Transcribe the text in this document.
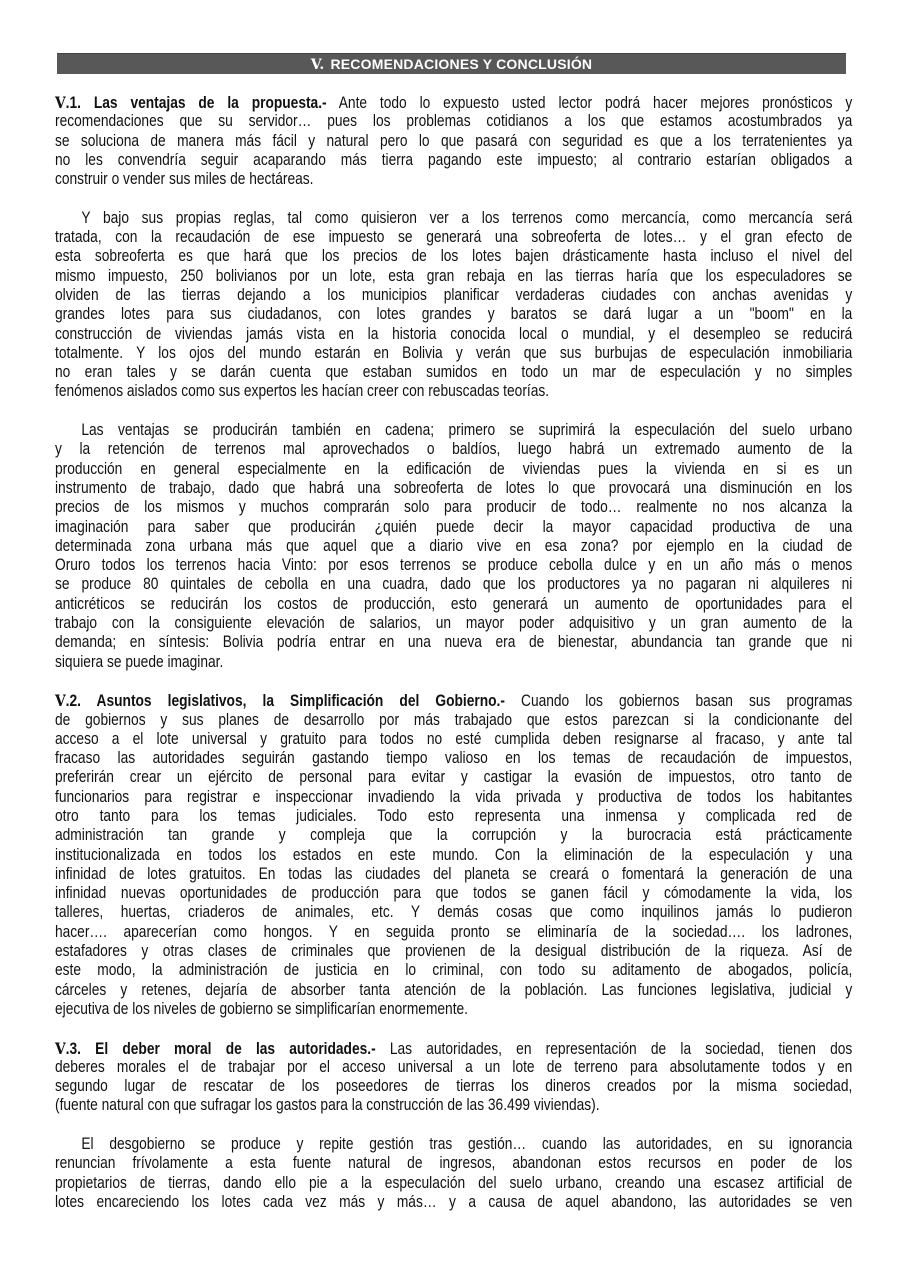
V. RECOMENDACIONES Y CONCLUSIÓN
V.1. Las ventajas de la propuesta.- Ante todo lo expuesto usted lector podrá hacer mejores pronósticos y
recomendaciones que su servidor… pues los problemas cotidianos a los que estamos acostumbrados ya
se soluciona de manera más fácil y natural pero lo que pasará con seguridad es que a los terratenientes ya
no les convendría seguir acaparando más tierra pagando este impuesto; al contrario estarían obligados a
construir o vender sus miles de hectáreas.
Y bajo sus propias reglas, tal como quisieron ver a los terrenos como mercancía, como mercancía será
tratada, con la recaudación de ese impuesto se generará una sobreoferta de lotes… y el gran efecto de
esta sobreoferta es que hará que los precios de los lotes bajen drásticamente hasta incluso el nivel del
mismo impuesto, 250 bolivianos por un lote, esta gran rebaja en las tierras haría que los especuladores se
olviden de las tierras dejando a los municipios planificar verdaderas ciudades con anchas avenidas y
grandes lotes para sus ciudadanos, con lotes grandes y baratos se dará lugar a un "boom" en la
construcción de viviendas jamás vista en la historia conocida local o mundial, y el desempleo se reducirá
totalmente. Y los ojos del mundo estarán en Bolivia y verán que sus burbujas de especulación inmobiliaria
no eran tales y se darán cuenta que estaban sumidos en todo un mar de especulación y no simples
fenómenos aislados como sus expertos les hacían creer con rebuscadas teorías.
Las ventajas se producirán también en cadena; primero se suprimirá la especulación del suelo urbano
y la retención de terrenos mal aprovechados o baldíos, luego habrá un extremado aumento de la
producción en general especialmente en la edificación de viviendas pues la vivienda en si es un
instrumento de trabajo, dado que habrá una sobreoferta de lotes lo que provocará una disminución en los
precios de los mismos y muchos comprarán solo para producir de todo… realmente no nos alcanza la
imaginación para saber que producirán ¿quién puede decir la mayor capacidad productiva de una
determinada zona urbana más que aquel que a diario vive en esa zona? por ejemplo en la ciudad de
Oruro todos los terrenos hacia Vinto: por esos terrenos se produce cebolla dulce y en un año más o menos
se produce 80 quintales de cebolla en una cuadra, dado que los productores ya no pagaran ni alquileres ni
anticréticos se reducirán los costos de producción, esto generará un aumento de oportunidades para el
trabajo con la consiguiente elevación de salarios, un mayor poder adquisitivo y un gran aumento de la
demanda; en síntesis: Bolivia podría entrar en una nueva era de bienestar, abundancia tan grande que ni
siquiera se puede imaginar.
V.2. Asuntos legislativos, la Simplificación del Gobierno.- Cuando los gobiernos basan sus programas
de gobiernos y sus planes de desarrollo por más trabajado que estos parezcan si la condicionante del
acceso a el lote universal y gratuito para todos no esté cumplida deben resignarse al fracaso, y ante tal
fracaso las autoridades seguirán gastando tiempo valioso en los temas de recaudación de impuestos,
preferirán crear un ejército de personal para evitar y castigar la evasión de impuestos, otro tanto de
funcionarios para registrar e inspeccionar invadiendo la vida privada y productiva de todos los habitantes
otro tanto para los temas judiciales. Todo esto representa una inmensa y complicada red de
administración tan grande y compleja que la corrupción y la burocracia está prácticamente
institucionalizada en todos los estados en este mundo. Con la eliminación de la especulación y una
infinidad de lotes gratuitos. En todas las ciudades del planeta se creará o fomentará la generación de una
infinidad nuevas oportunidades de producción para que todos se ganen fácil y cómodamente la vida, los
talleres, huertas, criaderos de animales, etc. Y demás cosas que como inquilinos jamás lo pudieron
hacer…. aparecerían como hongos. Y en seguida pronto se eliminaría de la sociedad…. los ladrones,
estafadores y otras clases de criminales que provienen de la desigual distribución de la riqueza. Así de
este modo, la administración de justicia en lo criminal, con todo su aditamento de abogados, policía,
cárceles y retenes, dejaría de absorber tanta atención de la población. Las funciones legislativa, judicial y
ejecutiva de los niveles de gobierno se simplificarían enormemente.
V.3. El deber moral de las autoridades.- Las autoridades, en representación de la sociedad, tienen dos
deberes morales el de trabajar por el acceso universal a un lote de terreno para absolutamente todos y en
segundo lugar de rescatar de los poseedores de tierras los dineros creados por la misma sociedad,
(fuente natural con que sufragar los gastos para la construcción de las 36.499 viviendas).
El desgobierno se produce y repite gestión tras gestión… cuando las autoridades, en su ignorancia
renuncian frívolamente a esta fuente natural de ingresos, abandonan estos recursos en poder de los
propietarios de tierras, dando ello pie a la especulación del suelo urbano, creando una escasez artificial de
lotes encareciendo los lotes cada vez más y más… y a causa de aquel abandono, las autoridades se ven
